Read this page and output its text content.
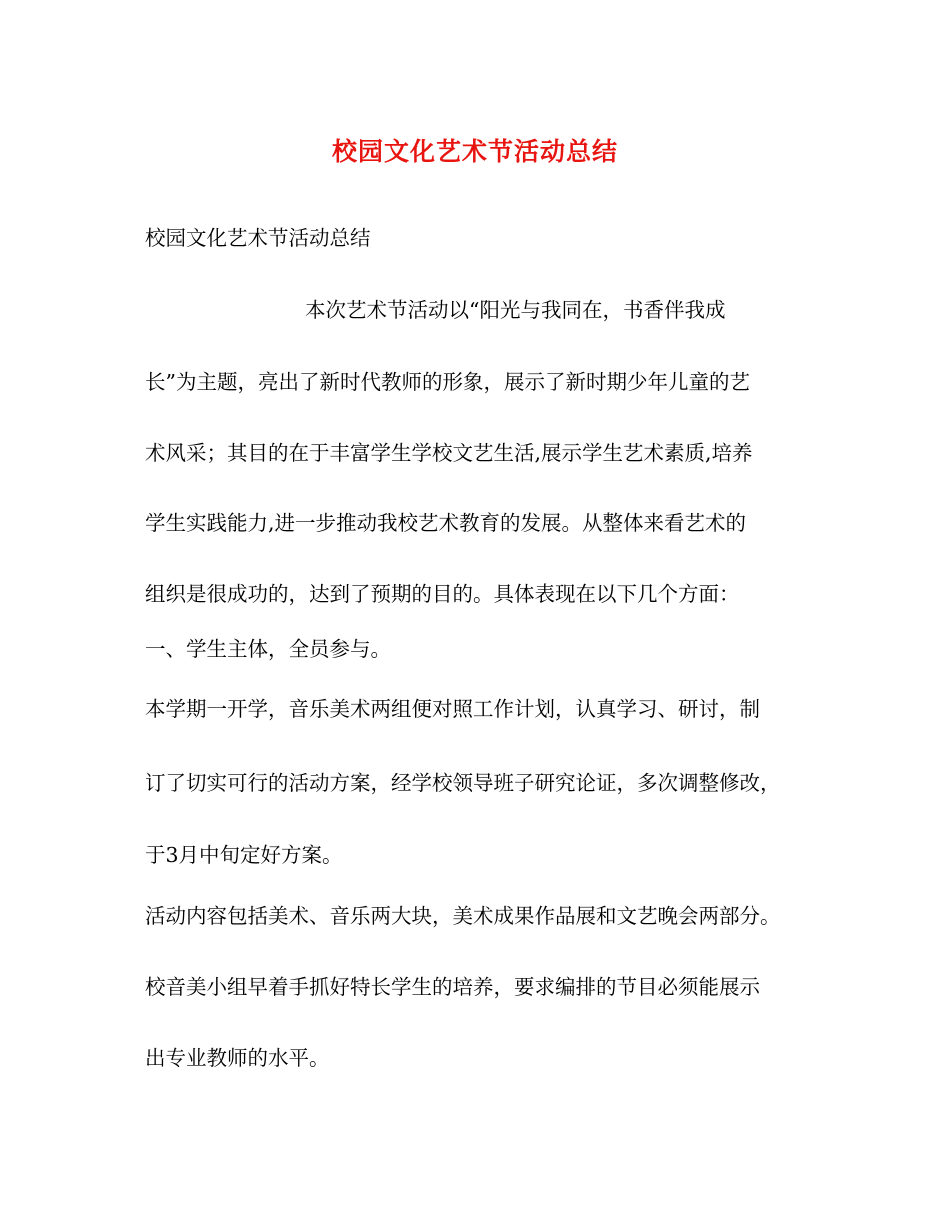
校园文化艺术节活动总结
校园文化艺术节活动总结
本次艺术节活动以“阳光与我同在，书香伴我成
长”为主题，亮出了新时代教师的形象，展示了新时期少年儿童的艺
术风采；其目的在于丰富学生学校文艺生活,展示学生艺术素质,培养
学生实践能力,进一步推动我校艺术教育的发展。从整体来看艺术的
组织是很成功的，达到了预期的目的。具体表现在以下几个方面：
一、学生主体，全员参与。
本学期一开学，音乐美术两组便对照工作计划，认真学习、研讨，制
订了切实可行的活动方案，经学校领导班子研究论证，多次调整修改，
于3月中旬定好方案。
活动内容包括美术、音乐两大块，美术成果作品展和文艺晚会两部分。
校音美小组早着手抓好特长学生的培养，要求编排的节目必须能展示
出专业教师的水平。
